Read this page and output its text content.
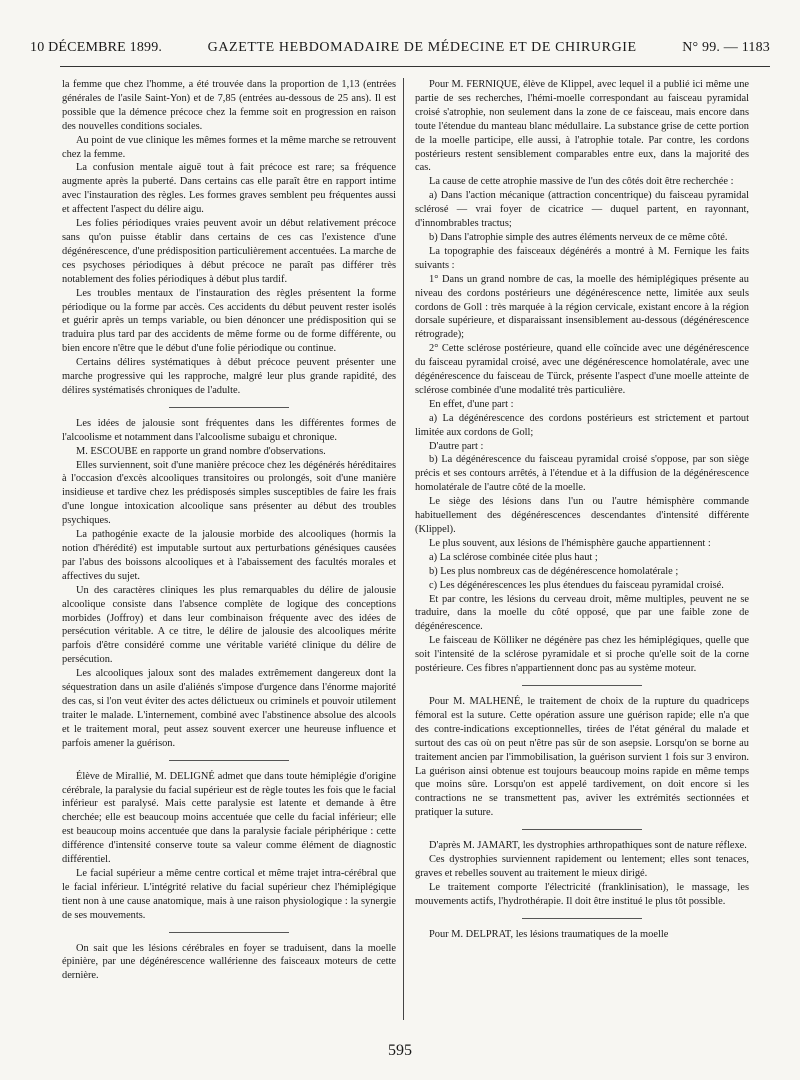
10 DÉCEMBRE 1899.	GAZETTE HEBDOMADAIRE DE MÉDECINE ET DE CHIRURGIE	N° 99. — 1183

la femme que chez l'homme, a été trouvée dans la proportion de 1,13 (entrées générales de l'asile Saint-Yon) et de 7,85 (entrées au-dessous de 25 ans). Il est possible que la démence précoce chez la femme soit en progression en raison des nouvelles conditions sociales.

Au point de vue clinique les mêmes formes et la même marche se retrouvent chez la femme.

La confusion mentale aiguë tout à fait précoce est rare; sa fréquence augmente après la puberté. Dans certains cas elle paraît être en rapport intime avec l'instauration des règles. Les formes graves semblent peu fréquentes aussi et affectent l'aspect du délire aigu.

Les folies périodiques vraies peuvent avoir un début relativement précoce sans qu'on puisse établir dans certains de ces cas l'existence d'une dégénérescence, d'une prédisposition particulièrement accentuées. La marche de ces psychoses périodiques à début précoce ne paraît pas différer très notablement des folies périodiques à début plus tardif.

Les troubles mentaux de l'instauration des règles présentent la forme périodique ou la forme par accès. Ces accidents du début peuvent rester isolés et guérir après un temps variable, ou bien dénoncer une prédisposition qui se traduira plus tard par des accidents de même forme ou de forme différente, ou bien encore n'être que le début d'une folie périodique ou continue.

Certains délires systématiques à début précoce peuvent présenter une marche progressive qui les rapproche, malgré leur plus grande rapidité, des délires systématisés chroniques de l'adulte.

Les idées de jalousie sont fréquentes dans les différentes formes de l'alcoolisme et notamment dans l'alcoolisme subaigu et chronique.

M. ESCOUBE en rapporte un grand nombre d'observations.

Elles surviennent, soit d'une manière précoce chez les dégénérés héréditaires à l'occasion d'excès alcooliques transitoires ou prolongés, soit d'une manière insidieuse et tardive chez les prédisposés simples susceptibles de faire les frais d'une longue intoxication alcoolique sans présenter au début des troubles psychiques.

La pathogénie exacte de la jalousie morbide des alcooliques (hormis la notion d'hérédité) est imputable surtout aux perturbations génésiques causées par l'abus des boissons alcooliques et à l'abaissement des facultés morales et affectives du sujet.

Un des caractères cliniques les plus remarquables du délire de jalousie alcoolique consiste dans l'absence complète de logique des conceptions morbides (Joffroy) et dans leur combinaison fréquente avec des idées de persécution véritable. A ce titre, le délire de jalousie des alcooliques mérite parfois d'être considéré comme une véritable variété clinique du délire de persécution.

Les alcooliques jaloux sont des malades extrêmement dangereux dont la séquestration dans un asile d'aliénés s'impose d'urgence dans l'énorme majorité des cas, si l'on veut éviter des actes délictueux ou criminels et pouvoir utilement traiter le malade. L'internement, combiné avec l'abstinence absolue des alcools et le traitement moral, peut assez souvent exercer une heureuse influence et parfois amener la guérison.

Élève de Mirallié, M. DELIGNÉ admet que dans toute hémiplégie d'origine cérébrale, la paralysie du facial supérieur est de règle toutes les fois que le facial inférieur est paralysé. Mais cette paralysie est latente et demande à être cherchée; elle est beaucoup moins accentuée que celle du facial inférieur; elle est beaucoup moins accentuée que dans la paralysie faciale périphérique : cette différence d'intensité conserve toute sa valeur comme élément de diagnostic différentiel.

Le facial supérieur a même centre cortical et même trajet intra-cérébral que le facial inférieur. L'intégrité relative du facial supérieur chez l'hémiplégique tient non à une cause anatomique, mais à une raison physiologique : la synergie de ses mouvements.

On sait que les lésions cérébrales en foyer se traduisent, dans la moelle épinière, par une dégénérescence wallérienne des faisceaux moteurs de cette dernière.

Pour M. FERNIQUE, élève de Klippel, avec lequel il a publié ici même une partie de ses recherches, l'hémi-moelle correspondant au faisceau pyramidal croisé s'atrophie, non seulement dans la zone de ce faisceau, mais encore dans toute l'étendue du manteau blanc médullaire. La substance grise de cette portion de la moelle participe, elle aussi, à l'atrophie totale. Par contre, les cordons postérieurs restent sensiblement comparables entre eux, dans la majorité des cas.

La cause de cette atrophie massive de l'un des côtés doit être recherchée :

a) Dans l'action mécanique (attraction concentrique) du faisceau pyramidal sclérosé — vrai foyer de cicatrice — duquel partent, en rayonnant, d'innombrables tractus;

b) Dans l'atrophie simple des autres éléments nerveux de ce même côté.

La topographie des faisceaux dégénérés a montré à M. Fernique les faits suivants :

1° Dans un grand nombre de cas, la moelle des hémiplégiques présente au niveau des cordons postérieurs une dégénérescence nette, limitée aux seuls cordons de Goll : très marquée à la région cervicale, existant encore à la région dorsale supérieure, et disparaissant insensiblement au-dessous (dégénérescence rétrograde);

2° Cette sclérose postérieure, quand elle coïncide avec une dégénérescence du faisceau pyramidal croisé, avec une dégénérescence homolatérale, avec une dégénérescence du faisceau de Türck, présente l'aspect d'une moelle atteinte de sclérose combinée d'une modalité très particulière.

En effet, d'une part :

a) La dégénérescence des cordons postérieurs est strictement et partout limitée aux cordons de Goll;

D'autre part :

b) La dégénérescence du faisceau pyramidal croisé s'oppose, par son siège précis et ses contours arrêtés, à l'étendue et à la diffusion de la dégénérescence homolatérale de l'autre côté de la moelle.

Le siège des lésions dans l'un ou l'autre hémisphère commande habituellement des dégénérescences descendantes d'intensité différente (Klippel).

Le plus souvent, aux lésions de l'hémisphère gauche appartiennent :

a) La sclérose combinée citée plus haut ;

b) Les plus nombreux cas de dégénérescence homolatérale ;

c) Les dégénérescences les plus étendues du faisceau pyramidal croisé.

Et par contre, les lésions du cerveau droit, même multiples, peuvent ne se traduire, dans la moelle du côté opposé, que par une faible zone de dégénérescence.

Le faisceau de Kölliker ne dégénère pas chez les hémiplégiques, quelle que soit l'intensité de la sclérose pyramidale et si proche qu'elle soit de la corne postérieure. Ces fibres n'appartiennent donc pas au système moteur.

Pour M. MALHENÉ, le traitement de choix de la rupture du quadriceps fémoral est la suture. Cette opération assure une guérison rapide; elle n'a que des contre-indications exceptionnelles, tirées de l'état général du malade et surtout des cas où on peut n'être pas sûr de son asepsie. Lorsqu'on se borne au traitement ancien par l'immobilisation, la guérison survient 1 fois sur 3 environ. La guérison ainsi obtenue est toujours beaucoup moins rapide en même temps que moins sûre. Lorsqu'on est appelé tardivement, on doit encore si les contractions ne se transmettent pas, aviver les extrémités sectionnées et pratiquer la suture.

D'après M. JAMART, les dystrophies arthropathiques sont de nature réflexe.

Ces dystrophies surviennent rapidement ou lentement; elles sont tenaces, graves et rebelles souvent au traitement le mieux dirigé.

Le traitement comporte l'électricité (franklinisation), le massage, les mouvements actifs, l'hydrothérapie. Il doit être institué le plus tôt possible.

Pour M. DELPRAT, les lésions traumatiques de la moelle

595
